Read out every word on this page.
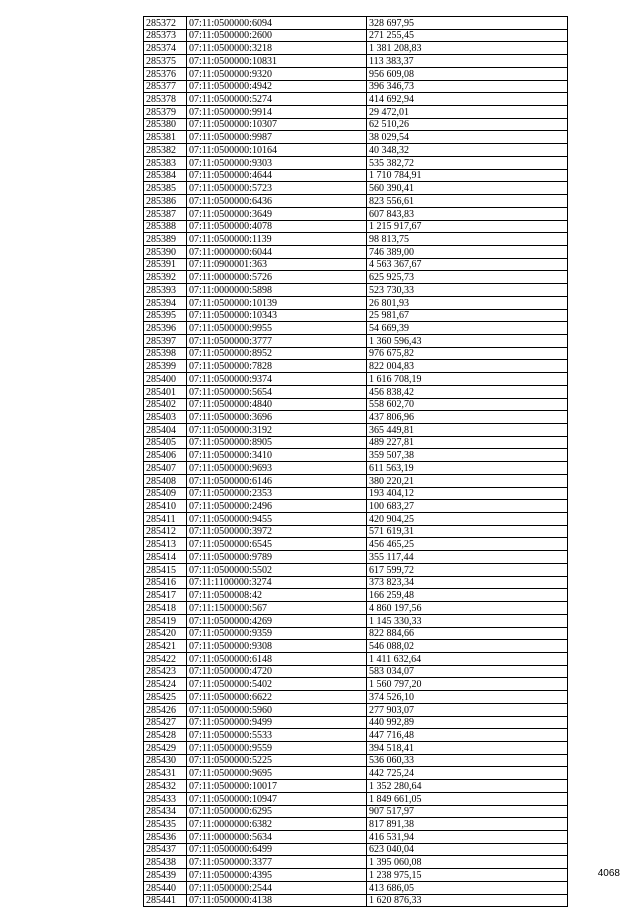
285372	07:11:0500000:6094	328 697,95
285373	07:11:0500000:2600	271 255,45
285374	07:11:0500000:3218	1 381 208,83
285375	07:11:0500000:10831	113 383,37
285376	07:11:0500000:9320	956 609,08
285377	07:11:0500000:4942	396 346,73
285378	07:11:0500000:5274	414 692,94
285379	07:11:0500000:9914	29 472,01
285380	07:11:0500000:10307	62 510,26
285381	07:11:0500000:9987	38 029,54
285382	07:11:0500000:10164	40 348,32
285383	07:11:0500000:9303	535 382,72
285384	07:11:0500000:4644	1 710 784,91
285385	07:11:0500000:5723	560 390,41
285386	07:11:0500000:6436	823 556,61
285387	07:11:0500000:3649	607 843,83
285388	07:11:0500000:4078	1 215 917,67
285389	07:11:0500000:1139	98 813,75
285390	07:11:0000000:6044	746 389,00
285391	07:11:0900001:363	4 563 367,67
285392	07:11:0000000:5726	625 925,73
285393	07:11:0000000:5898	523 730,33
285394	07:11:0500000:10139	26 801,93
285395	07:11:0500000:10343	25 981,67
285396	07:11:0500000:9955	54 669,39
285397	07:11:0500000:3777	1 360 596,43
285398	07:11:0500000:8952	976 675,82
285399	07:11:0500000:7828	822 004,83
285400	07:11:0500000:9374	1 616 708,19
285401	07:11:0500000:5654	456 838,42
285402	07:11:0500000:4840	558 602,70
285403	07:11:0500000:3696	437 806,96
285404	07:11:0500000:3192	365 449,81
285405	07:11:0500000:8905	489 227,81
285406	07:11:0500000:3410	359 507,38
285407	07:11:0500000:9693	611 563,19
285408	07:11:0500000:6146	380 220,21
285409	07:11:0500000:2353	193 404,12
285410	07:11:0500000:2496	100 683,27
285411	07:11:0500000:9455	420 904,25
285412	07:11:0500000:3972	571 619,31
285413	07:11:0500000:6545	456 465,25
285414	07:11:0500000:9789	355 117,44
285415	07:11:0500000:5502	617 599,72
285416	07:11:1100000:3274	373 823,34
285417	07:11:0500008:42	166 259,48
285418	07:11:1500000:567	4 860 197,56
285419	07:11:0500000:4269	1 145 330,33
285420	07:11:0500000:9359	822 884,66
285421	07:11:0500000:9308	546 088,02
285422	07:11:0500000:6148	1 411 632,64
285423	07:11:0500000:4720	583 034,07
285424	07:11:0500000:5402	1 560 797,20
285425	07:11:0500000:6622	374 526,10
285426	07:11:0500000:5960	277 903,07
285427	07:11:0500000:9499	440 992,89
285428	07:11:0500000:5533	447 716,48
285429	07:11:0500000:9559	394 518,41
285430	07:11:0500000:5225	536 060,33
285431	07:11:0500000:9695	442 725,24
285432	07:11:0500000:10017	1 352 280,64
285433	07:11:0500000:10947	1 849 661,05
285434	07:11:0500000:6295	907 517,97
285435	07:11:0000000:6382	817 891,38
285436	07:11:0000000:5634	416 531,94
285437	07:11:0500000:6499	623 040,04
285438	07:11:0500000:3377	1 395 060,08
285439	07:11:0500000:4395	1 238 975,15
285440	07:11:0500000:2544	413 686,05
285441	07:11:0500000:4138	1 620 876,33
4068
